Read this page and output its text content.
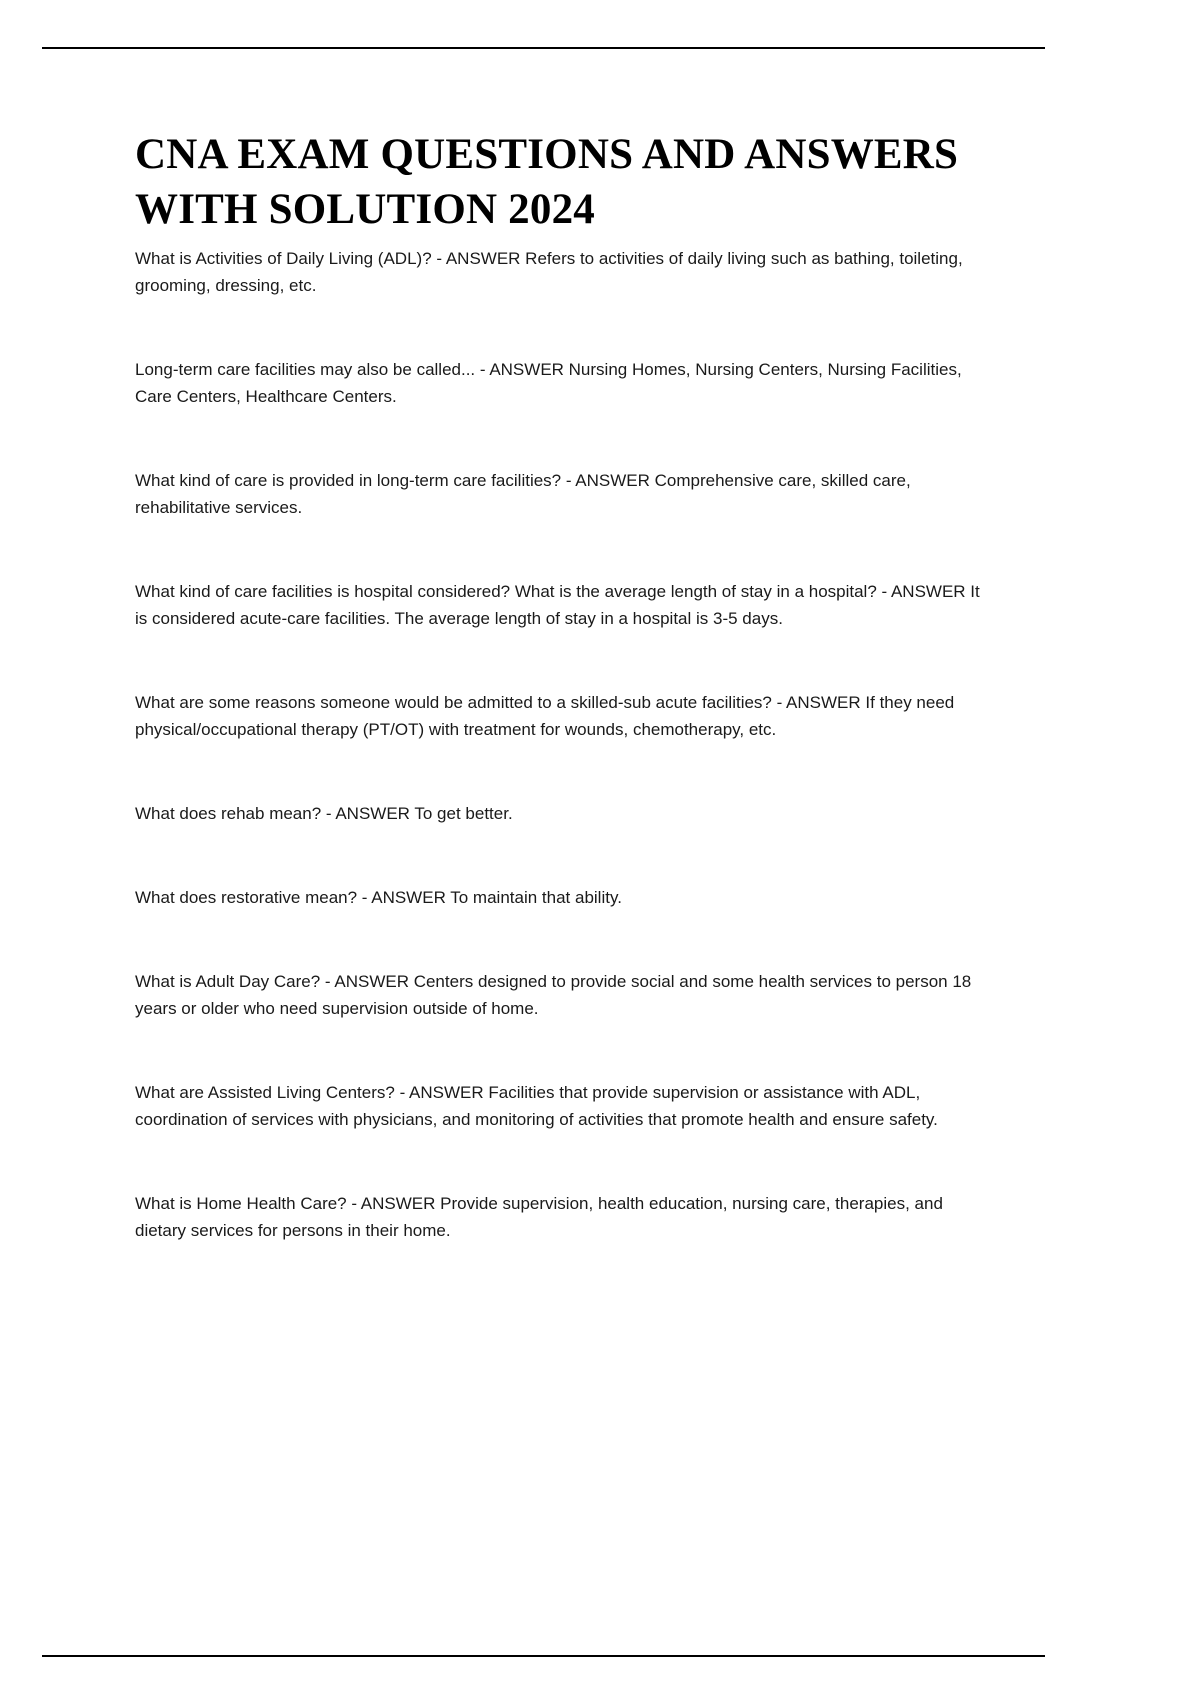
CNA EXAM QUESTIONS AND ANSWERS WITH SOLUTION 2024

What is Activities of Daily Living (ADL)? - ANSWER Refers to activities of daily living such as bathing, toileting, grooming, dressing, etc.

Long-term care facilities may also be called... - ANSWER Nursing Homes, Nursing Centers, Nursing Facilities, Care Centers, Healthcare Centers.

What kind of care is provided in long-term care facilities? - ANSWER Comprehensive care, skilled care, rehabilitative services.

What kind of care facilities is hospital considered? What is the average length of stay in a hospital? - ANSWER It is considered acute-care facilities. The average length of stay in a hospital is 3-5 days.

What are some reasons someone would be admitted to a skilled-sub acute facilities? - ANSWER If they need physical/occupational therapy (PT/OT) with treatment for wounds, chemotherapy, etc.

What does rehab mean? - ANSWER To get better.

What does restorative mean? - ANSWER To maintain that ability.

What is Adult Day Care? - ANSWER Centers designed to provide social and some health services to person 18 years or older who need supervision outside of home.

What are Assisted Living Centers? - ANSWER Facilities that provide supervision or assistance with ADL, coordination of services with physicians, and monitoring of activities that promote health and ensure safety.

What is Home Health Care? - ANSWER Provide supervision, health education, nursing care, therapies, and dietary services for persons in their home.
